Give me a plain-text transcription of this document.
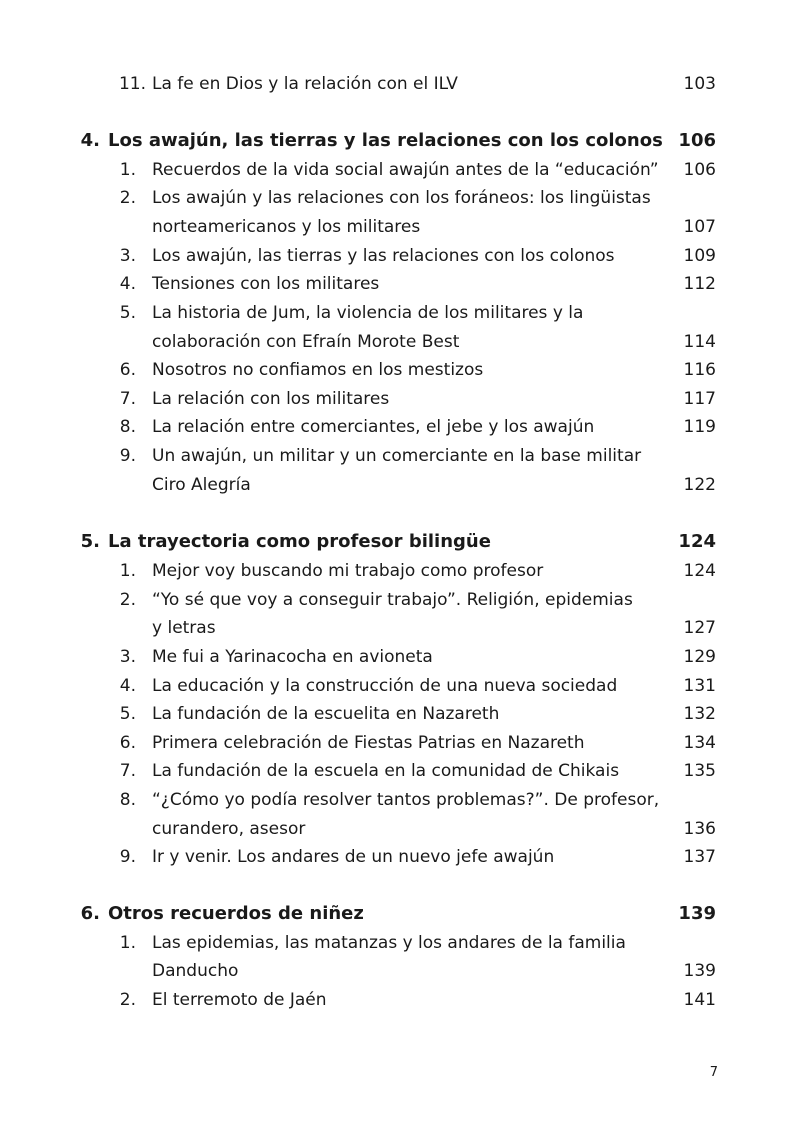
11. La fe en Dios y la relación con el ILV	103
4. Los awajún, las tierras y las relaciones con los colonos 106
1. Recuerdos de la vida social awajún antes de la “educación” 106
2. Los awajún y las relaciones con los foráneos: los lingüistas
norteamericanos y los militares	107
3. Los awajún, las tierras y las relaciones con los colonos	109
4. Tensiones con los militares	112
5. La historia de Jum, la violencia de los militares y la
colaboración con Efraín Morote Best	114
6. Nosotros no confiamos en los mestizos	116
7. La relación con los militares	117
8. La relación entre comerciantes, el jebe y los awajún	119
9. Un awajún, un militar y un comerciante en la base militar
Ciro Alegría	122
5. La trayectoria como profesor bilingüe	124
1. Mejor voy buscando mi trabajo como profesor	124
2. “Yo sé que voy a conseguir trabajo”. Religión, epidemias
y letras	127
3. Me fui a Yarinacocha en avioneta	129
4. La educación y la construcción de una nueva sociedad	131
5. La fundación de la escuelita en Nazareth	132
6. Primera celebración de Fiestas Patrias en Nazareth	134
7. La fundación de la escuela en la comunidad de Chikais	135
8. “¿Cómo yo podía resolver tantos problemas?”. De profesor,
curandero, asesor	136
9. Ir y venir. Los andares de un nuevo jefe awajún	137
6. Otros recuerdos de niñez	139
1. Las epidemias, las matanzas y los andares de la familia
Danducho	139
2. El terremoto de Jaén	141
7
